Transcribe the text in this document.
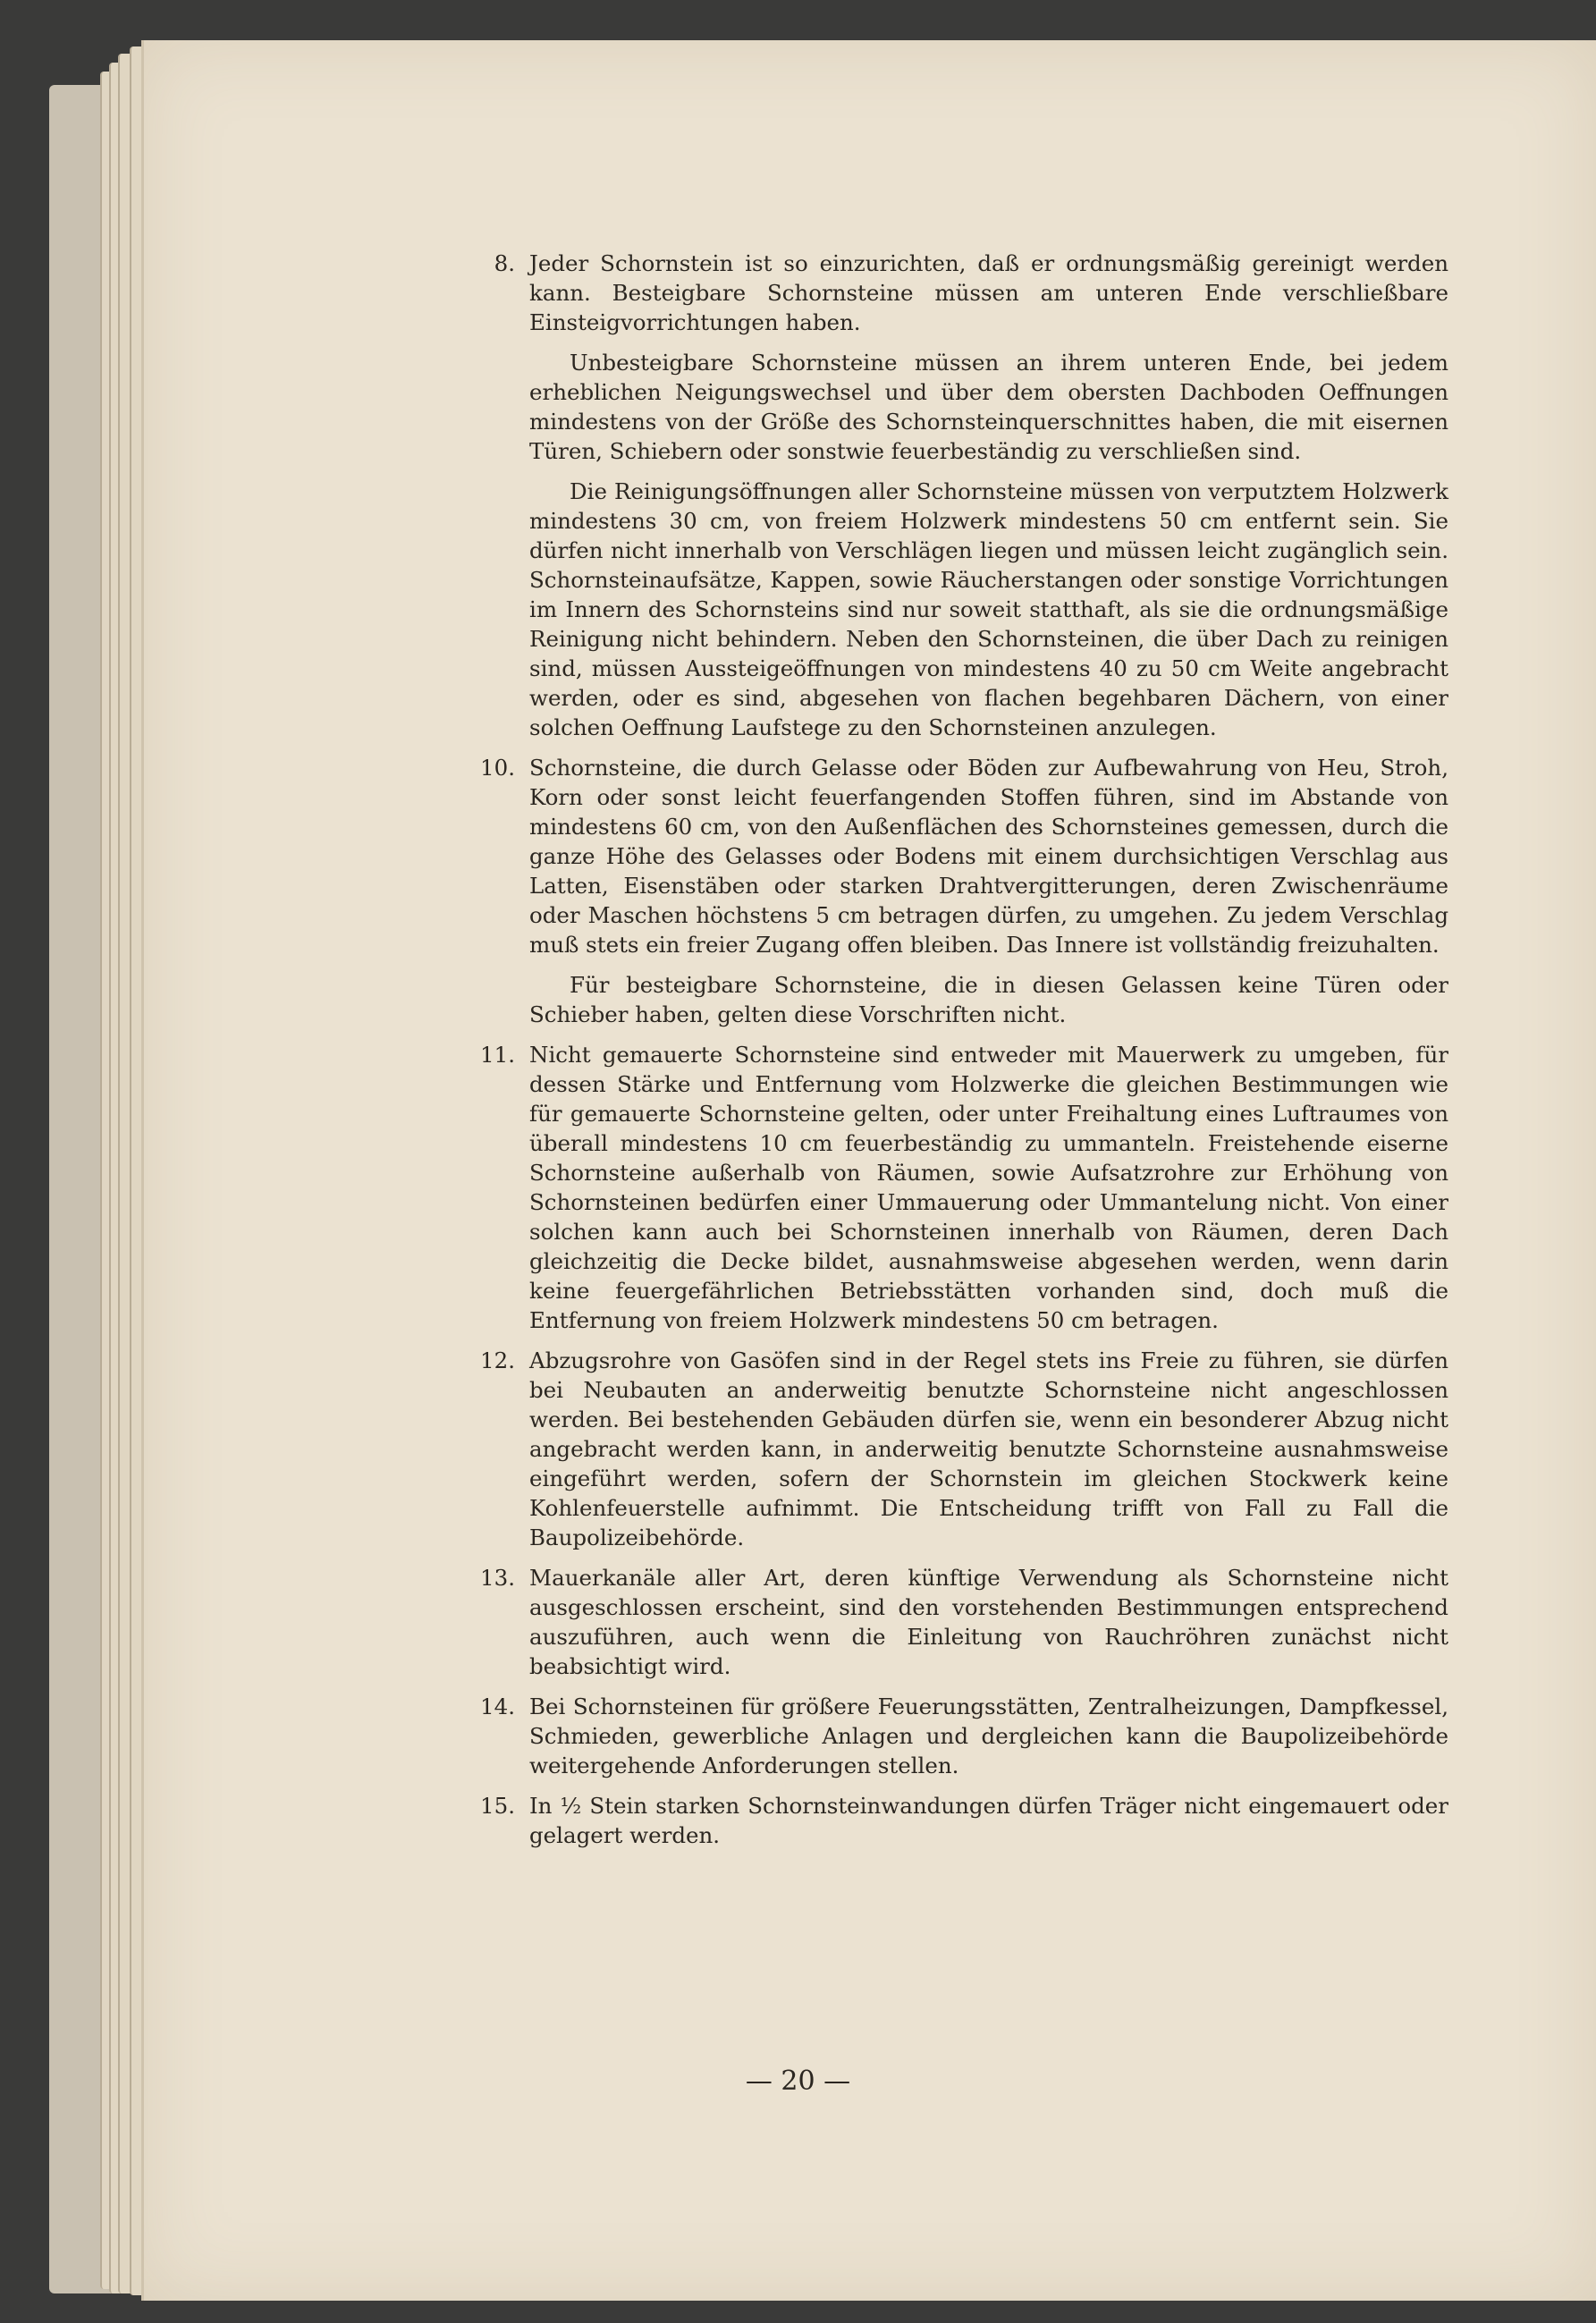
8. Jeder Schornstein ist so einzurichten, daß er ordnungsmäßig gereinigt werden kann. Besteigbare Schornsteine müssen am unteren Ende verschließbare Einsteigvorrichtungen haben.

Unbesteigbare Schornsteine müssen an ihrem unteren Ende, bei jedem erheblichen Neigungswechsel und über dem obersten Dachboden Oeffnungen mindestens von der Größe des Schornsteinquerschnittes haben, die mit eisernen Türen, Schiebern oder sonstwie feuerbeständig zu verschließen sind.

Die Reinigungsöffnungen aller Schornsteine müssen von verputztem Holzwerk mindestens 30 cm, von freiem Holzwerk mindestens 50 cm entfernt sein. Sie dürfen nicht innerhalb von Verschlägen liegen und müssen leicht zugänglich sein. Schornsteinaufsätze, Kappen, sowie Räucherstangen oder sonstige Vorrichtungen im Innern des Schornsteins sind nur soweit statthaft, als sie die ordnungsmäßige Reinigung nicht behindern. Neben den Schornsteinen, die über Dach zu reinigen sind, müssen Aussteigeöffnungen von mindestens 40 zu 50 cm Weite angebracht werden, oder es sind, abgesehen von flachen begehbaren Dächern, von einer solchen Oeffnung Laufstege zu den Schornsteinen anzulegen.

10. Schornsteine, die durch Gelasse oder Böden zur Aufbewahrung von Heu, Stroh, Korn oder sonst leicht feuerfangenden Stoffen führen, sind im Abstande von mindestens 60 cm, von den Außenflächen des Schornsteines gemessen, durch die ganze Höhe des Gelasses oder Bodens mit einem durchsichtigen Verschlag aus Latten, Eisenstäben oder starken Drahtvergitterungen, deren Zwischenräume oder Maschen höchstens 5 cm betragen dürfen, zu umgehen. Zu jedem Verschlag muß stets ein freier Zugang offen bleiben. Das Innere ist vollständig freizuhalten.

Für besteigbare Schornsteine, die in diesen Gelassen keine Türen oder Schieber haben, gelten diese Vorschriften nicht.

11. Nicht gemauerte Schornsteine sind entweder mit Mauerwerk zu umgeben, für dessen Stärke und Entfernung vom Holzwerke die gleichen Bestimmungen wie für gemauerte Schornsteine gelten, oder unter Freihaltung eines Luftraumes von überall mindestens 10 cm feuerbeständig zu ummanteln. Freistehende eiserne Schornsteine außerhalb von Räumen, sowie Aufsatzrohre zur Erhöhung von Schornsteinen bedürfen einer Ummauerung oder Ummantelung nicht. Von einer solchen kann auch bei Schornsteinen innerhalb von Räumen, deren Dach gleichzeitig die Decke bildet, ausnahmsweise abgesehen werden, wenn darin keine feuergefährlichen Betriebsstätten vorhanden sind, doch muß die Entfernung von freiem Holzwerk mindestens 50 cm betragen.

12. Abzugsrohre von Gasöfen sind in der Regel stets ins Freie zu führen, sie dürfen bei Neubauten an anderweitig benutzte Schornsteine nicht angeschlossen werden. Bei bestehenden Gebäuden dürfen sie, wenn ein besonderer Abzug nicht angebracht werden kann, in anderweitig benutzte Schornsteine ausnahmsweise eingeführt werden, sofern der Schornstein im gleichen Stockwerk keine Kohlenfeuerstelle aufnimmt. Die Entscheidung trifft von Fall zu Fall die Baupolizeibehörde.

13. Mauerkanäle aller Art, deren künftige Verwendung als Schornsteine nicht ausgeschlossen erscheint, sind den vorstehenden Bestimmungen entsprechend auszuführen, auch wenn die Einleitung von Rauchröhren zunächst nicht beabsichtigt wird.

14. Bei Schornsteinen für größere Feuerungsstätten, Zentralheizungen, Dampfkessel, Schmieden, gewerbliche Anlagen und dergleichen kann die Baupolizeibehörde weitergehende Anforderungen stellen.

15. In ½ Stein starken Schornsteinwandungen dürfen Träger nicht eingemauert oder gelagert werden.

— 20 —
